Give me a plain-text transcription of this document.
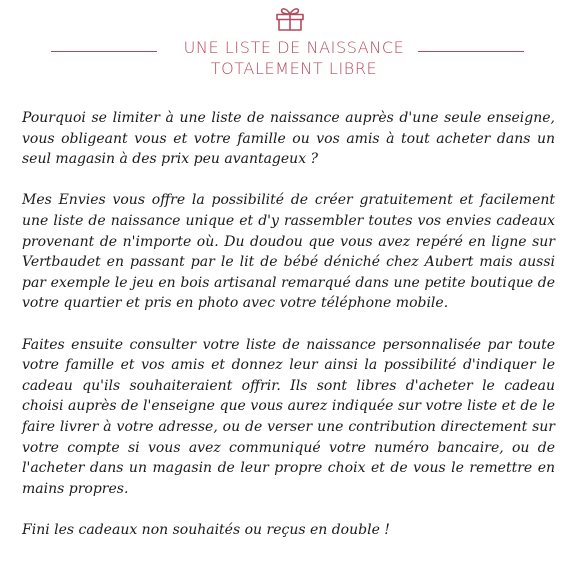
UNE LISTE DE NAISSANCE
TOTALEMENT LIBRE

Pourquoi se limiter à une liste de naissance auprès d'une seule enseigne, vous obligeant vous et votre famille ou vos amis à tout acheter dans un seul magasin à des prix peu avantageux ?

Mes Envies vous offre la possibilité de créer gratuitement et facilement une liste de naissance unique et d'y rassembler toutes vos envies cadeaux provenant de n'importe où. Du doudou que vous avez repéré en ligne sur Vertbaudet en passant par le lit de bébé déniché chez Aubert mais aussi par exemple le jeu en bois artisanal remarqué dans une petite boutique de votre quartier et pris en photo avec votre téléphone mobile.

Faites ensuite consulter votre liste de naissance personnalisée par toute votre famille et vos amis et donnez leur ainsi la possibilité d'indiquer le cadeau qu'ils souhaiteraient offrir. Ils sont libres d'acheter le cadeau choisi auprès de l'enseigne que vous aurez indiquée sur votre liste et de le faire livrer à votre adresse, ou de verser une contribution directement sur votre compte si vous avez communiqué votre numéro bancaire, ou de l'acheter dans un magasin de leur propre choix et de vous le remettre en mains propres.

Fini les cadeaux non souhaités ou reçus en double !
